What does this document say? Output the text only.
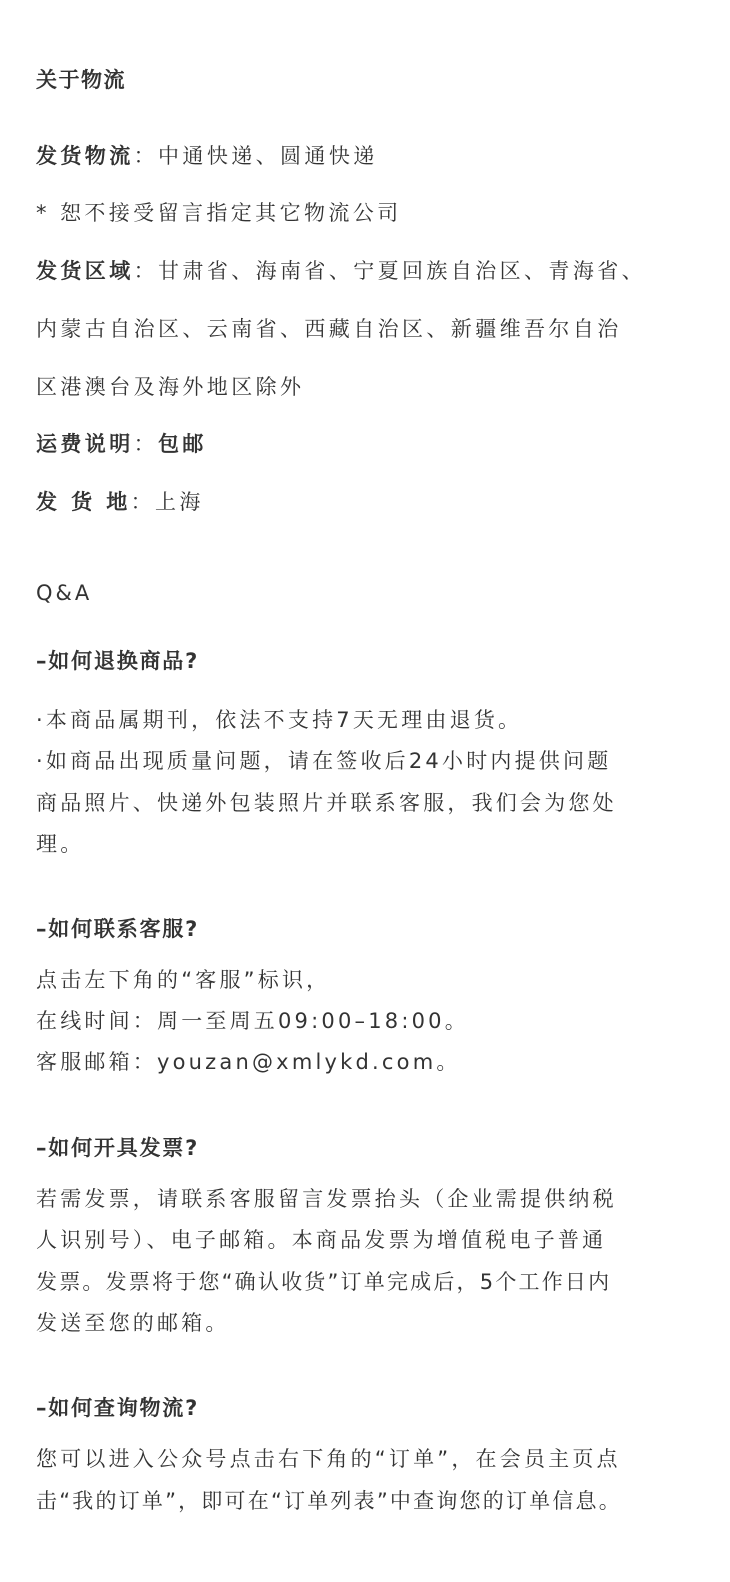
关于物流
发货物流：中通快递、圆通快递
* 恕不接受留言指定其它物流公司
发货区域：甘肃省、海南省、宁夏回族自治区、青海省、
内蒙古自治区、云南省、西藏自治区、新疆维吾尔自治
区港澳台及海外地区除外
运费说明：包邮
发 货 地：上海
Q&A
–如何退换商品?
·本商品属期刊，依法不支持7天无理由退货。
·如商品出现质量问题，请在签收后24小时内提供问题
商品照片、快递外包装照片并联系客服，我们会为您处
理。
–如何联系客服?
点击左下角的“客服”标识，
在线时间：周一至周五09:00–18:00。
客服邮箱：youzan@xmlykd.com。
–如何开具发票?
若需发票，请联系客服留言发票抬头（企业需提供纳税
人识别号）、电子邮箱。本商品发票为增值税电子普通
发票。发票将于您“确认收货”订单完成后，5个工作日内
发送至您的邮箱。
–如何查询物流?
您可以进入公众号点击右下角的“订单”，在会员主页点
击“我的订单”，即可在“订单列表”中查询您的订单信息。
